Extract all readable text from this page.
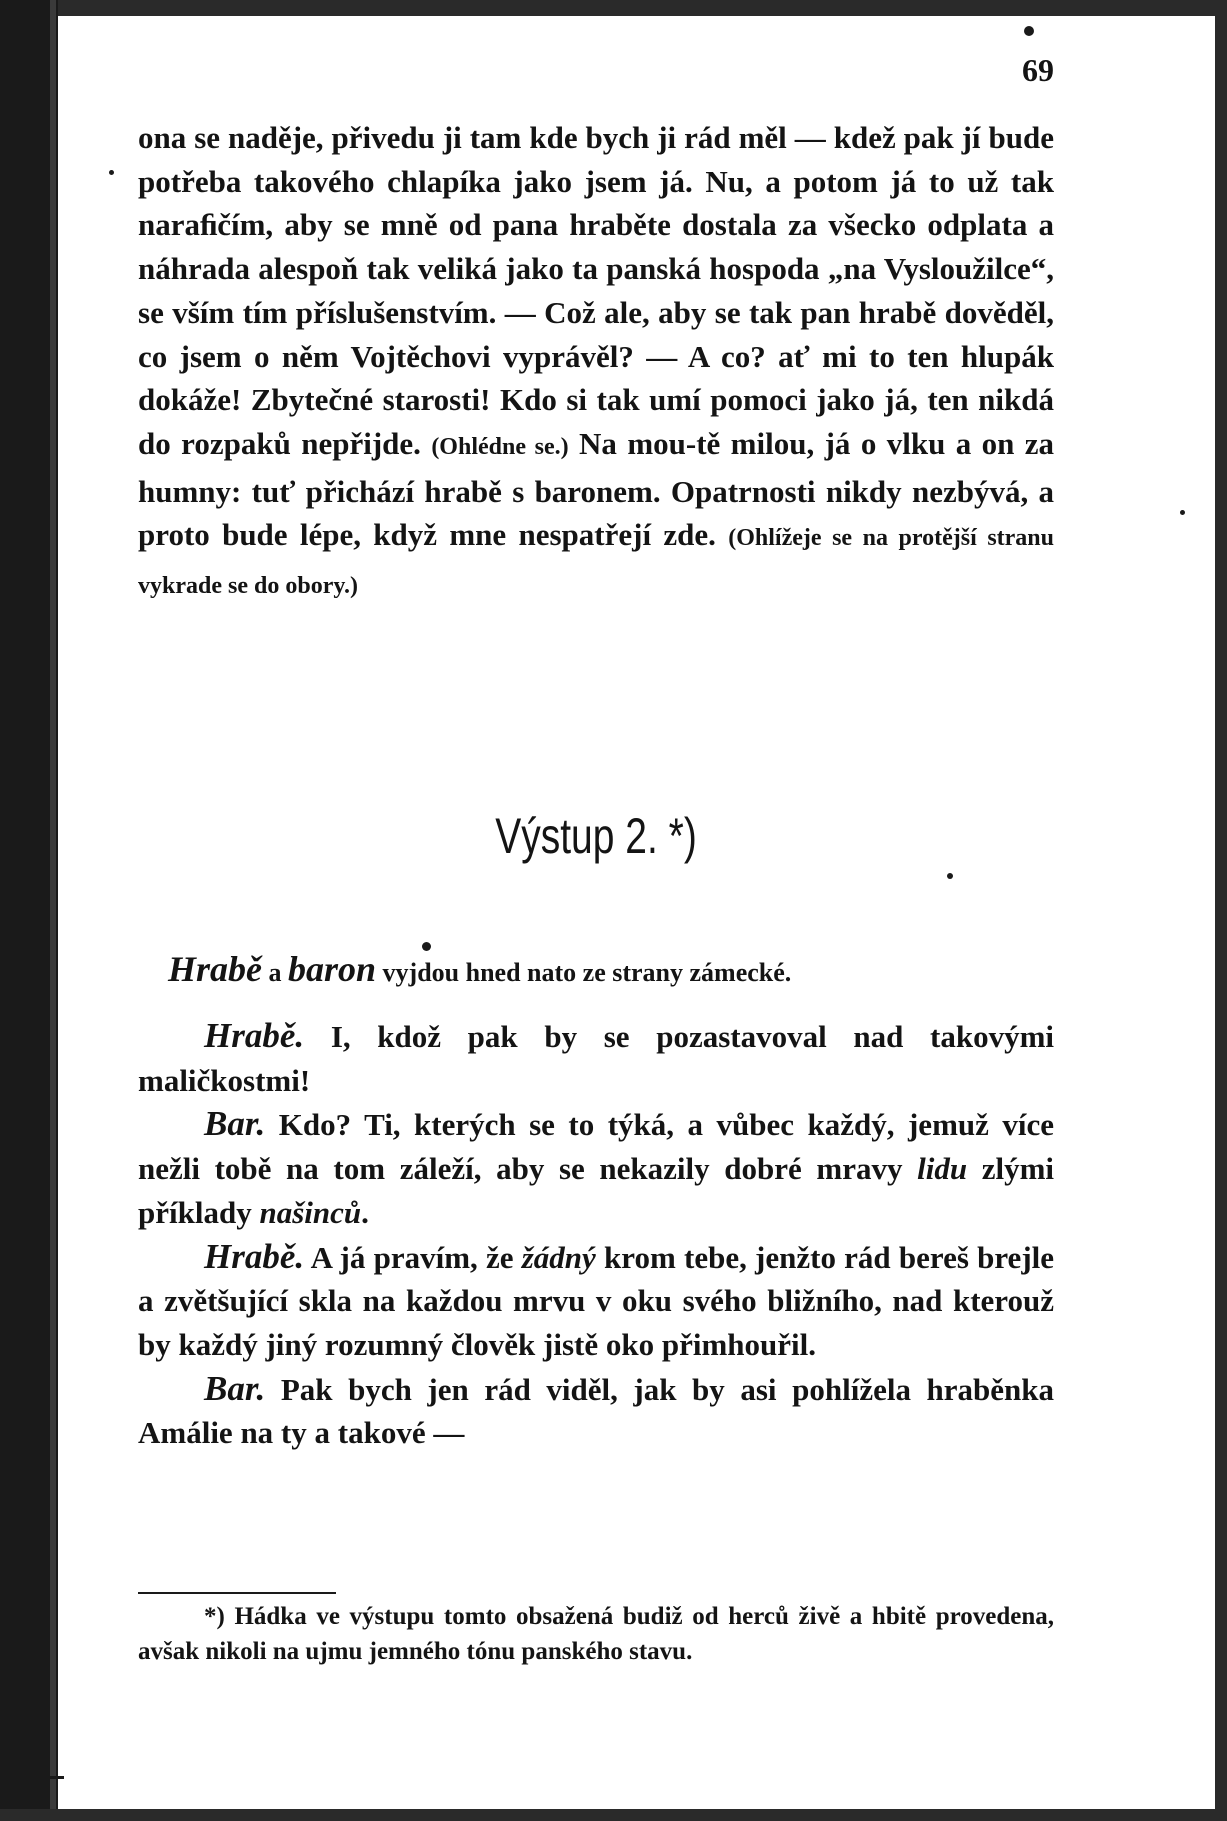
69
ona se naděje, přivedu ji tam kde bych ji rád měl — kdež pak jí bude potřeba takového chlapíka jako jsem já. Nu, a potom já to už tak naraﬁčím, aby se mně od pana hraběte dostala za všecko odplata a náhrada alespoň tak veliká jako ta panská hospoda „na Vysloužilce“, se vším tím příslušenstvím. — Což ale, aby se tak pan hrabě dověděl, co jsem o něm Vojtěchovi vyprávěl? — A co? ať mi to ten hlupák dokáže! Zbytečné starosti! Kdo si tak umí pomoci jako já, ten nikdá do rozpaků nepřijde. (Ohlédne se.) Na mou-tě milou, já o vlku a on za humny: tuť přichází hrabě s baronem. Opatrnosti nikdy nezbývá, a proto bude lépe, když mne nespatřejí zde. (Ohlížeje se na protější stranu vykrade se do obory.)
Výstup 2. *)
Hrabě a baron vyjdou hned nato ze strany zámecké.

Hrabě. I, kdož pak by se pozastavoval nad takovými maličkostmi!

Bar. Kdo? Ti, kterých se to týká, a vůbec každý, jemuž více nežli tobě na tom záleží, aby se nekazily dobré mravy lidu zlými příklady našinců.

Hrabě. A já pravím, že žádný krom tebe, jenžto rád bereš brejle a zvětšující skla na každou mrvu v oku svého bližního, nad kterouž by každý jiný rozumný člověk jistě oko přimhouřil.

Bar. Pak bych jen rád viděl, jak by asi pohlížela hraběnka Amálie na ty a takové —

*) Hádka ve výstupu tomto obsažená budiž od herců živě a hbitě provedena, avšak nikoli na ujmu jemného tónu panského stavu.
